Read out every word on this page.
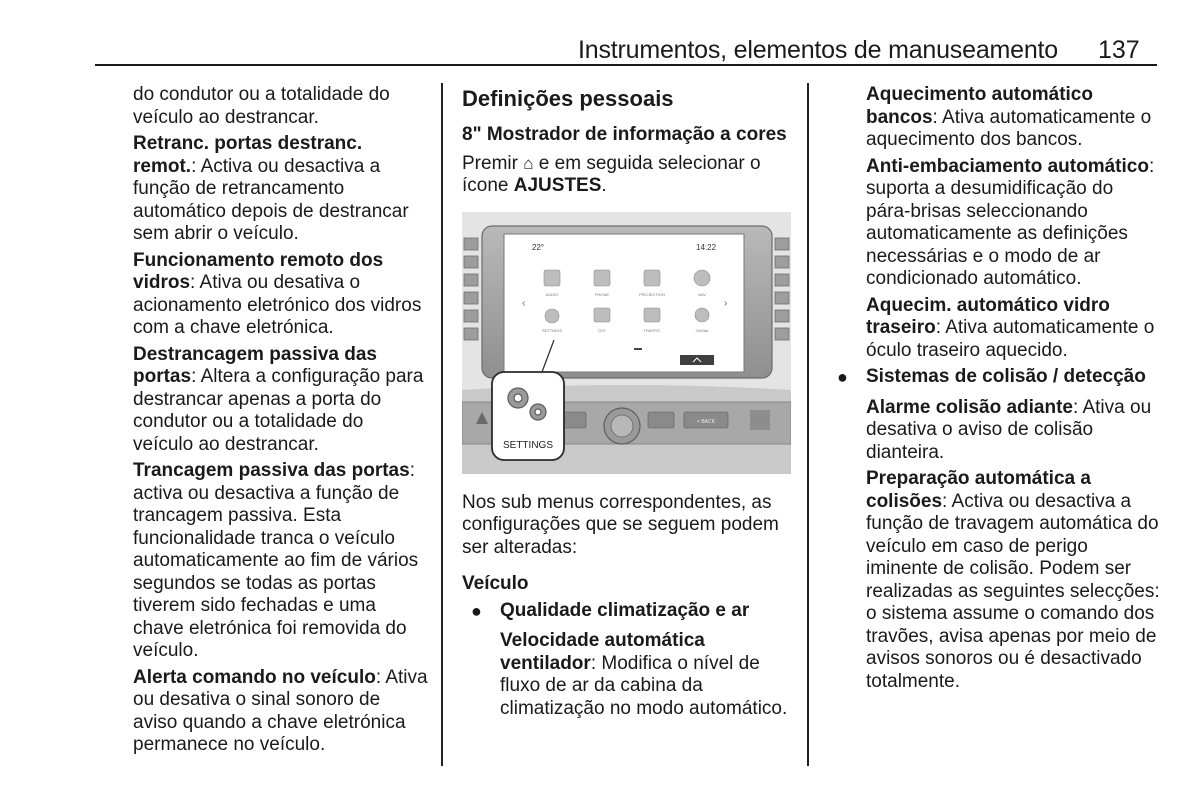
Instrumentos, elementos de manuseamento 137

do condutor ou a totalidade do veículo ao destrancar.

Retranc. portas destranc. remot.: Activa ou desactiva a função de retrancamento automático depois de destrancar sem abrir o veículo.

Funcionamento remoto dos vidros: Ativa ou desativa o acionamento eletrónico dos vidros com a chave eletrónica.

Destrancagem passiva das portas: Altera a configuração para destrancar apenas a porta do condutor ou a totalidade do veículo ao destrancar.

Trancagem passiva das portas: activa ou desactiva a função de trancagem passiva. Esta funcionalidade tranca o veículo automaticamente ao fim de vários segundos se todas as portas tiverem sido fechadas e uma chave eletrónica foi removida do veículo.

Alerta comando no veículo: Ativa ou desativa o sinal sonoro de aviso quando a chave eletrónica permanece no veículo.

Definições pessoais
8" Mostrador de informação a cores

Premir ⌂ e em seguida selecionar o ícone AJUSTES.

22°	14:22
‹	›
AUDIO	PHONE	PROJECTION	NAV
SETTINGS	OST	TRAFFIC	OnStar
< BACK
SETTINGS

Nos sub menus correspondentes, as configurações que se seguem podem ser alteradas:

Veículo
● Qualidade climatização e ar

Velocidade automática ventilador: Modifica o nível de fluxo de ar da cabina da climatização no modo automático.

Aquecimento automático bancos: Ativa automaticamente o aquecimento dos bancos.

Anti-embaciamento automático: suporta a desumidificação do pára-brisas seleccionando automaticamente as definições necessárias e o modo de ar condicionado automático.

Aquecim. automático vidro traseiro: Ativa automaticamente o óculo traseiro aquecido.

● Sistemas de colisão / detecção

Alarme colisão adiante: Ativa ou desativa o aviso de colisão dianteira.

Preparação automática a colisões: Activa ou desactiva a função de travagem automática do veículo em caso de perigo iminente de colisão. Podem ser realizadas as seguintes selecções: o sistema assume o comando dos travões, avisa apenas por meio de avisos sonoros ou é desactivado totalmente.
